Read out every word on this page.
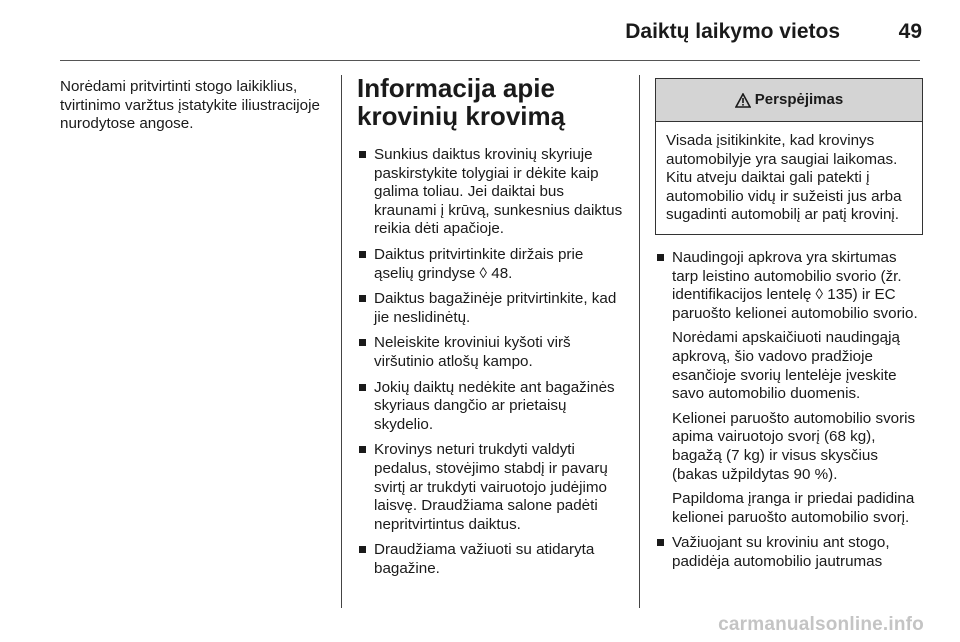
Daiktų laikymo vietos	49

Norėdami pritvirtinti stogo laikiklius, tvirtinimo varžtus įstatykite iliustracijoje nurodytose angose.

Informacija apie
krovinių krovimą
Sunkius daiktus krovinių skyriuje paskirstykite tolygiai ir dėkite kaip galima toliau. Jei daiktai bus kraunami į krūvą, sunkesnius daiktus reikia dėti apačioje.
Daiktus pritvirtinkite diržais prie ąselių grindyse ◊ 48.
Daiktus bagažinėje pritvirtinkite, kad jie neslidinėtų.
Neleiskite kroviniui kyšoti virš viršutinio atlošų kampo.
Jokių daiktų nedėkite ant bagažinės skyriaus dangčio ar prietaisų skydelio.
Krovinys neturi trukdyti valdyti pedalus, stovėjimo stabdį ir pavarų svirtį ar trukdyti vairuotojo judėjimo laisvę. Draudžiama salone padėti nepritvirtintus daiktus.
Draudžiama važiuoti su atidaryta bagažine.
Perspėjimas
Visada įsitikinkite, kad krovinys automobilyje yra saugiai laikomas. Kitu atveju daiktai gali patekti į automobilio vidų ir sužeisti jus arba sugadinti automobilį ar patį krovinį.

Naudingoji apkrova yra skirtumas tarp leistino automobilio svorio (žr. identifikacijos lentelę ◊ 135) ir EC paruošto kelionei automobilio svorio.

Norėdami apskaičiuoti naudingąją apkrovą, šio vadovo pradžioje esančioje svorių lentelėje įveskite savo automobilio duomenis.

Kelionei paruošto automobilio svoris apima vairuotojo svorį (68 kg), bagažą (7 kg) ir visus skysčius (bakas užpildytas 90 %).

Papildoma įranga ir priedai padidina kelionei paruošto automobilio svorį.

Važiuojant su kroviniu ant stogo, padidėja automobilio jautrumas

carmanualsonline.info
